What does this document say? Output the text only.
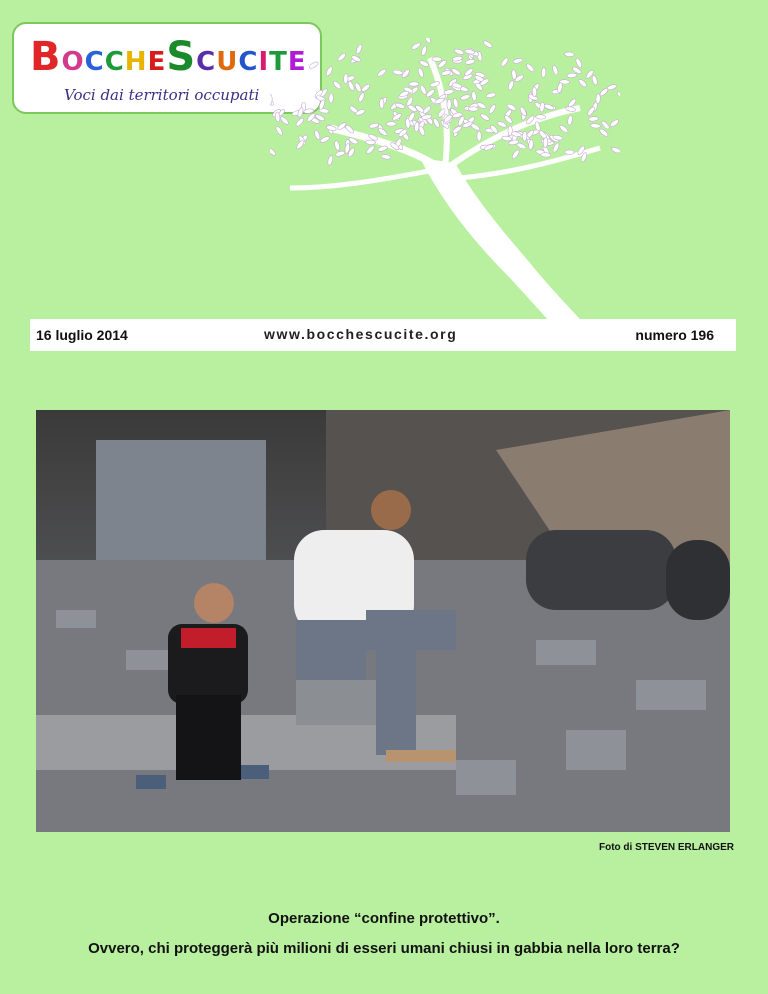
BOCCHESCUCITE
Voci dai territori occupati
16 luglio 2014	www.bocchescucite.org	numero 196
Foto di STEVEN ERLANGER
Operazione “confine protettivo”.
Ovvero, chi proteggerà più milioni di esseri umani chiusi in gabbia nella loro terra?
